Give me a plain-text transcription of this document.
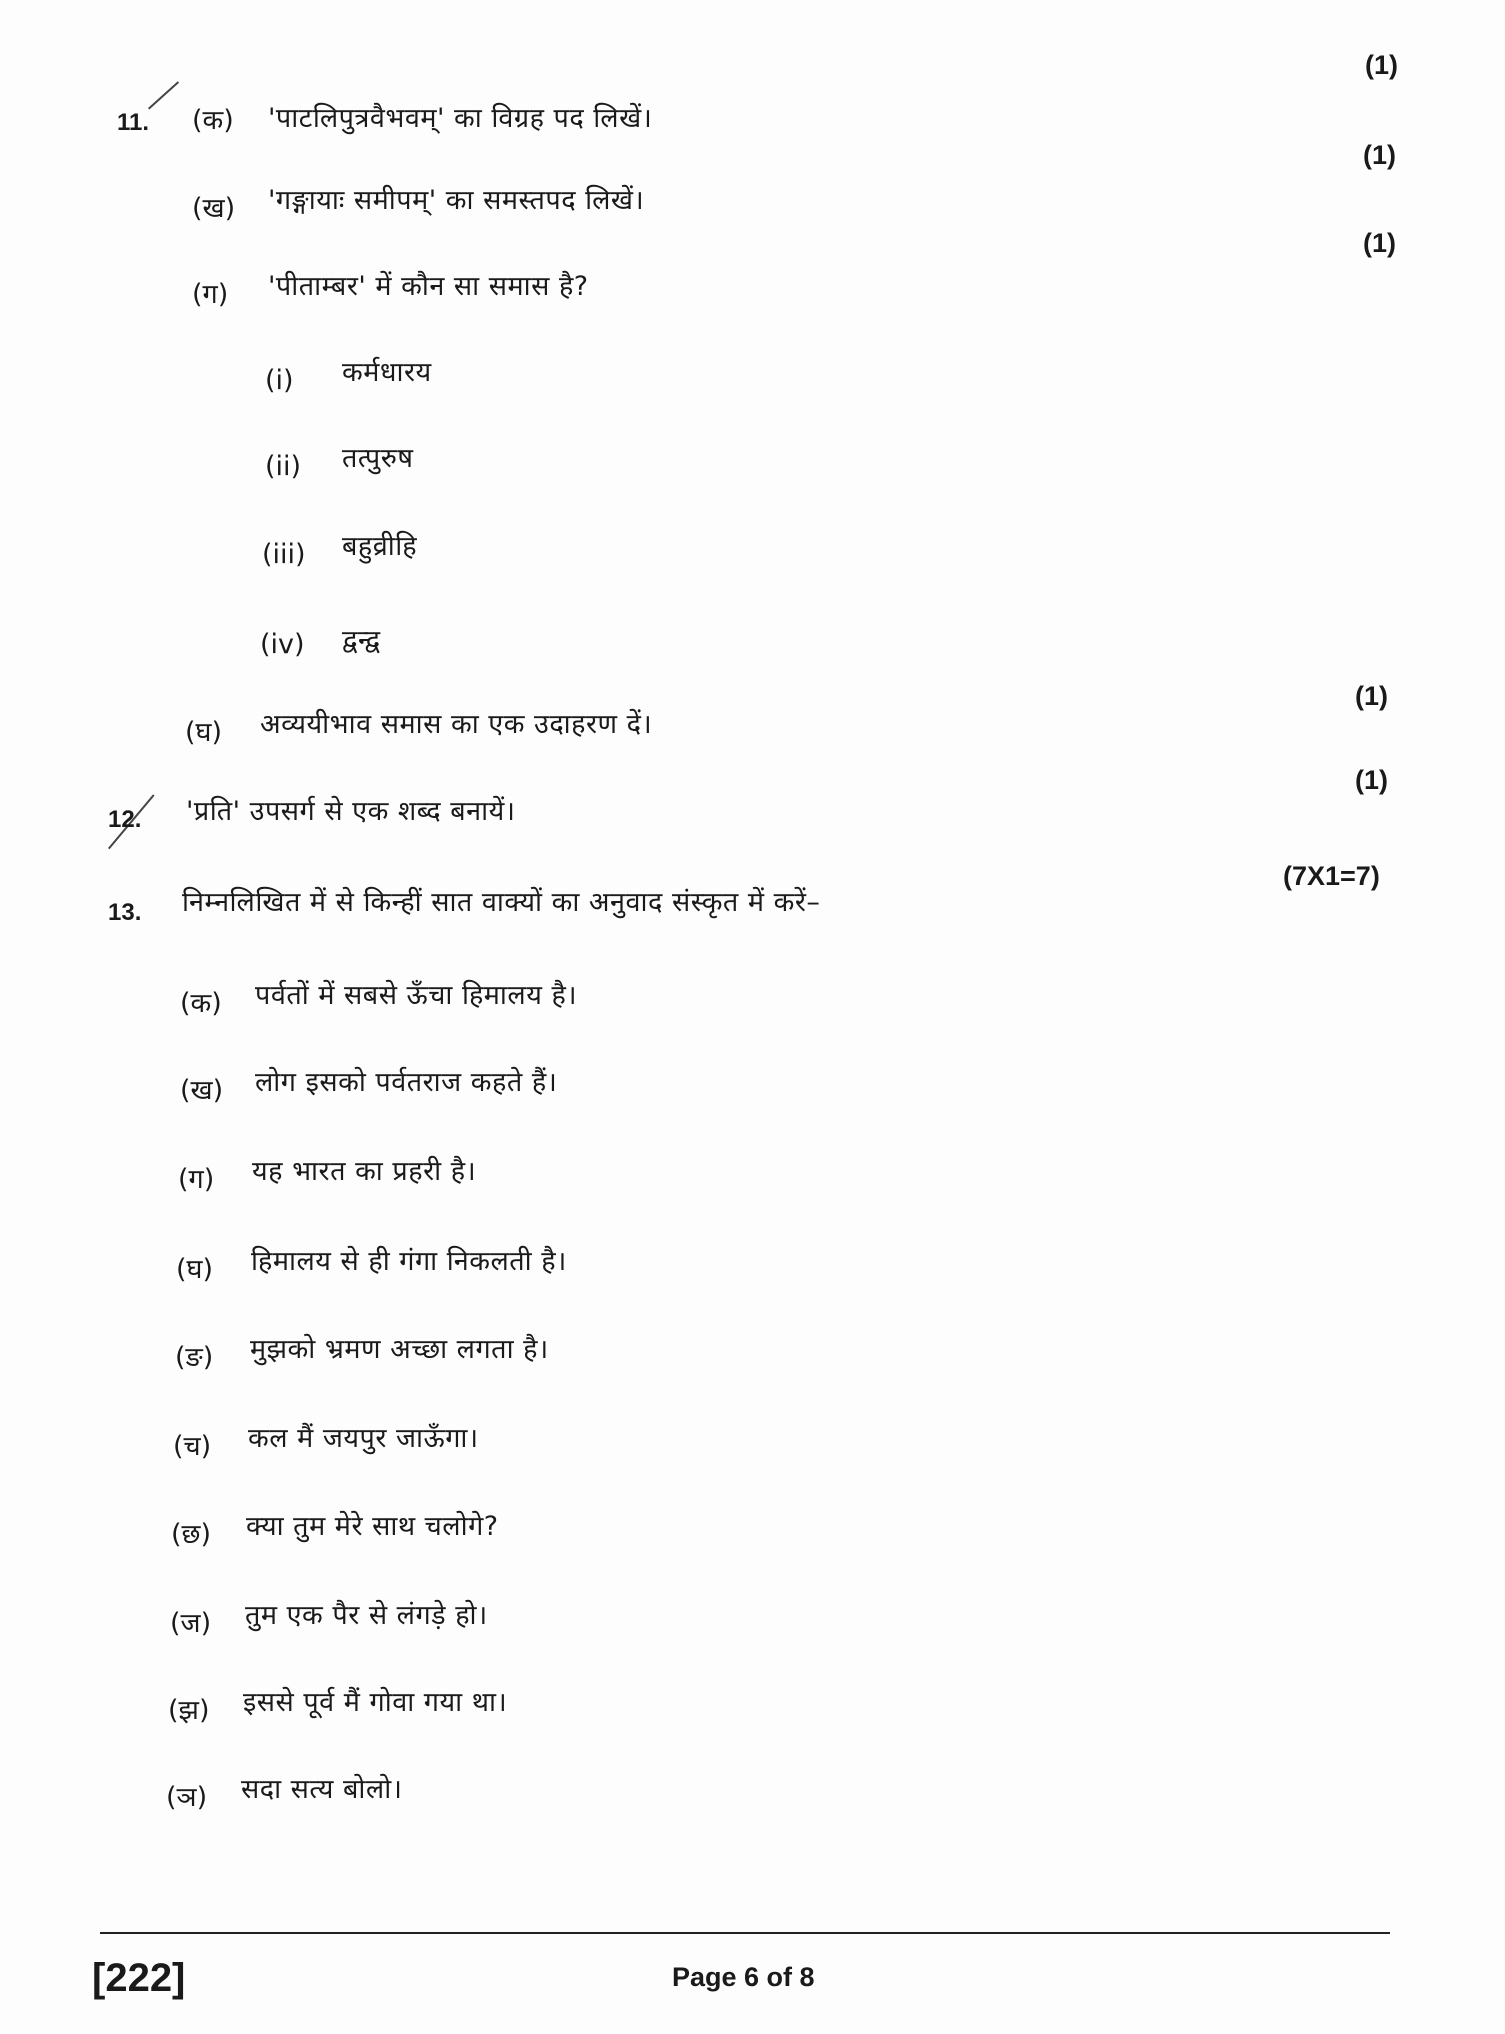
(1)
(1)
(1)
(1)
(1)
(7X1=7)
11. (क) 'पाटलिपुत्रवैभवम्' का विग्रह पद लिखें।
(ख) 'गङ्गायाः समीपम्' का समस्तपद लिखें।
(ग) 'पीताम्बर' में कौन सा समास है?
(i) कर्मधारय
(ii) तत्पुरुष
(iii) बहुव्रीहि
(iv) द्वन्द्व
(घ) अव्ययीभाव समास का एक उदाहरण दें।
12. 'प्रति' उपसर्ग से एक शब्द बनायें।
13. निम्नलिखित में से किन्हीं सात वाक्यों का अनुवाद संस्कृत में करें–
(क) पर्वतों में सबसे ऊँचा हिमालय है।
(ख) लोग इसको पर्वतराज कहते हैं।
(ग) यह भारत का प्रहरी है।
(घ) हिमालय से ही गंगा निकलती है।
(ङ) मुझको भ्रमण अच्छा लगता है।
(च) कल मैं जयपुर जाऊँगा।
(छ) क्या तुम मेरे साथ चलोगे?
(ज) तुम एक पैर से लंगड़े हो।
(झ) इससे पूर्व मैं गोवा गया था।
(ञ) सदा सत्य बोलो।
[222]	Page 6 of 8
